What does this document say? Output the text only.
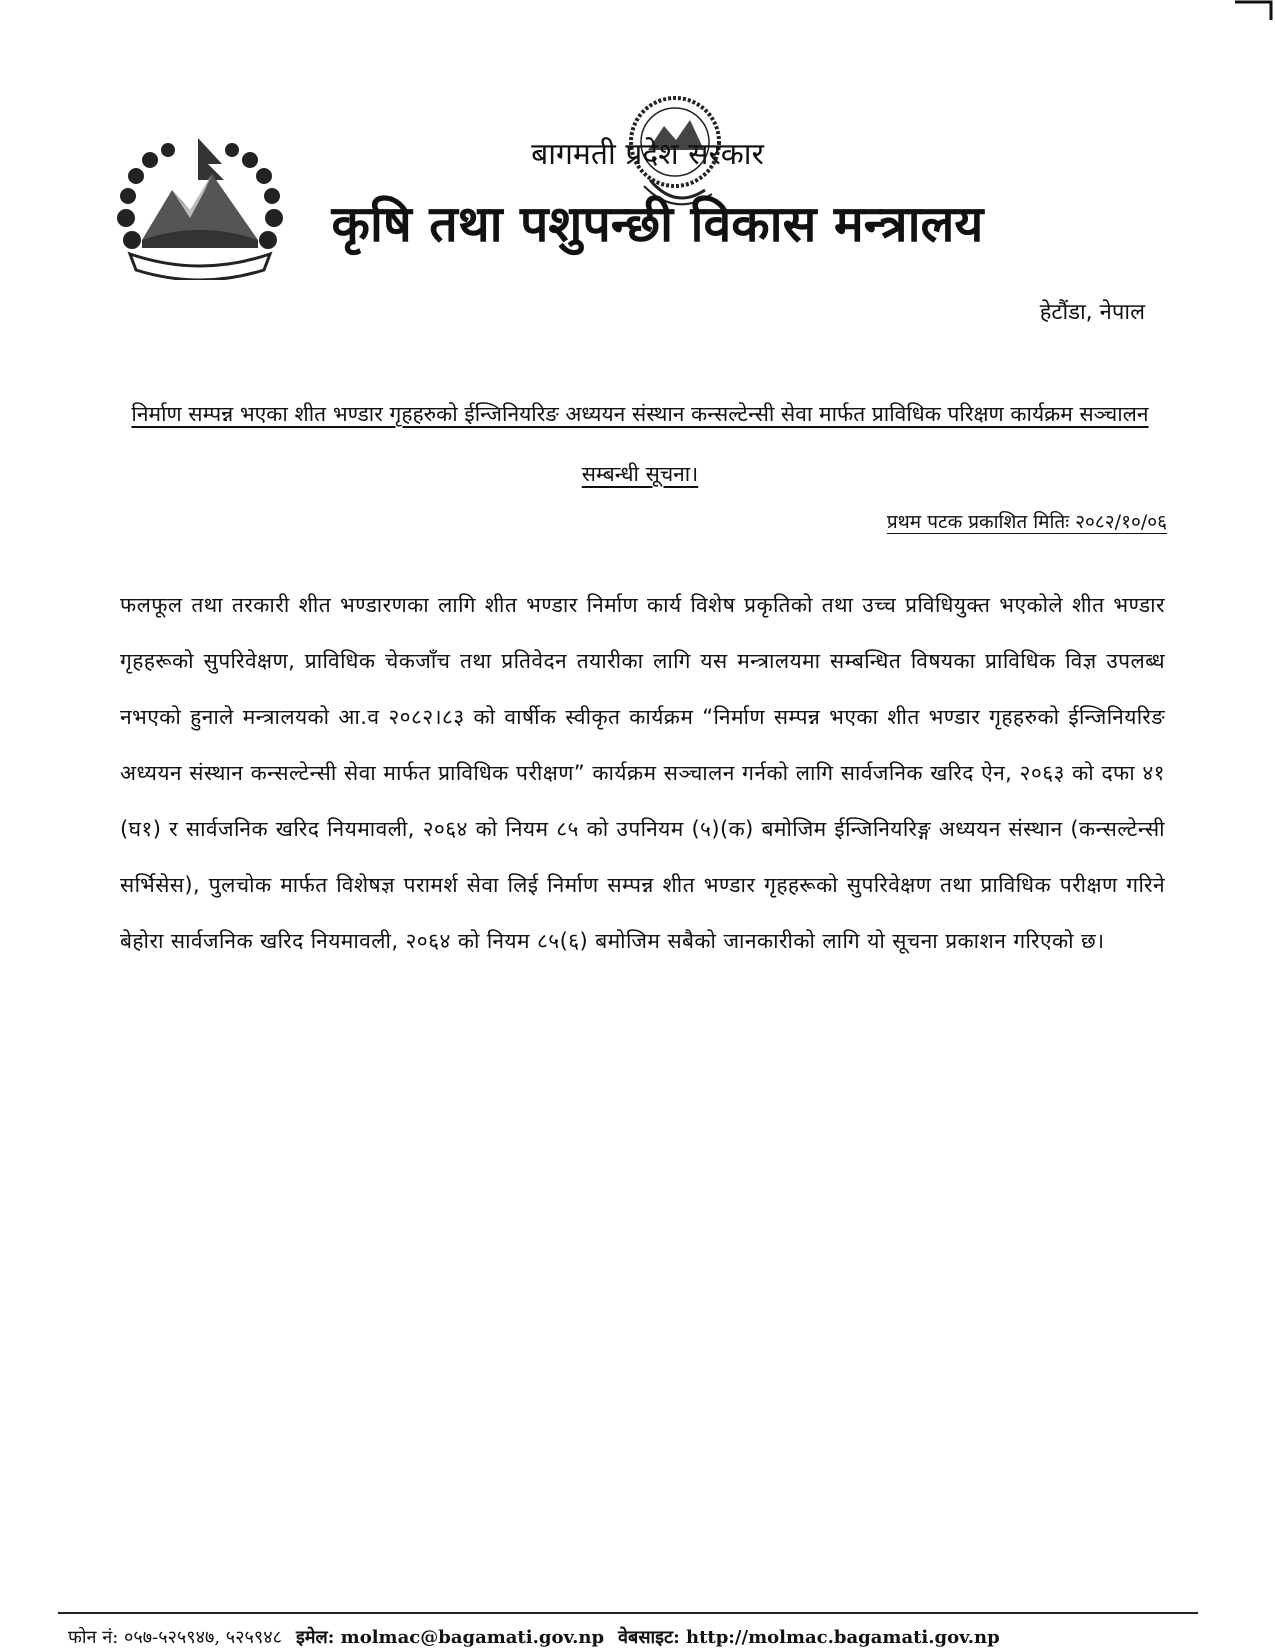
बागमती प्रदेश सरकार
कृषि तथा पशुपन्छी विकास मन्त्रालय
हेटौंडा, नेपाल
निर्माण सम्पन्न भएका शीत भण्डार गृहहरुको ईन्जिनियरिङ अध्ययन संस्थान कन्सल्टेन्सी सेवा मार्फत प्राविधिक परिक्षण कार्यक्रम सञ्चालन सम्बन्धी सूचना।
प्रथम पटक प्रकाशित मितिः २०८२/१०/०६

फलफूल तथा तरकारी शीत भण्डारणका लागि शीत भण्डार निर्माण कार्य विशेष प्रकृतिको तथा उच्च प्रविधियुक्त भएकोले शीत भण्डार गृहहरूको सुपरिवेक्षण, प्राविधिक चेकजाँच तथा प्रतिवेदन तयारीका लागि यस मन्त्रालयमा सम्बन्धित विषयका प्राविधिक विज्ञ उपलब्ध नभएको हुनाले मन्त्रालयको आ.व २०८२।८३ को वार्षीक स्वीकृत कार्यक्रम “निर्माण सम्पन्न भएका शीत भण्डार गृहहरुको ईन्जिनियरिङ अध्ययन संस्थान कन्सल्टेन्सी सेवा मार्फत प्राविधिक परीक्षण” कार्यक्रम सञ्चालन गर्नको लागि सार्वजनिक खरिद ऐन, २०६३ को दफा ४१ (घ१) र सार्वजनिक खरिद नियमावली, २०६४ को नियम ८५ को उपनियम (५)(क) बमोजिम ईन्जिनियरिङ्ग अध्ययन संस्थान (कन्सल्टेन्सी सर्भिसेस), पुलचोक मार्फत विशेषज्ञ परामर्श सेवा लिई निर्माण सम्पन्न शीत भण्डार गृहहरूको सुपरिवेक्षण तथा प्राविधिक परीक्षण गरिने बेहोरा सार्वजनिक खरिद नियमावली, २०६४ को नियम ८५(६) बमोजिम सबैको जानकारीको लागि यो सूचना प्रकाशन गरिएको छ।

फोन नं: ०५७-५२५९४७, ५२५९४८ इमेल: molmac@bagamati.gov.np वेबसाइट: http://molmac.bagamati.gov.np
